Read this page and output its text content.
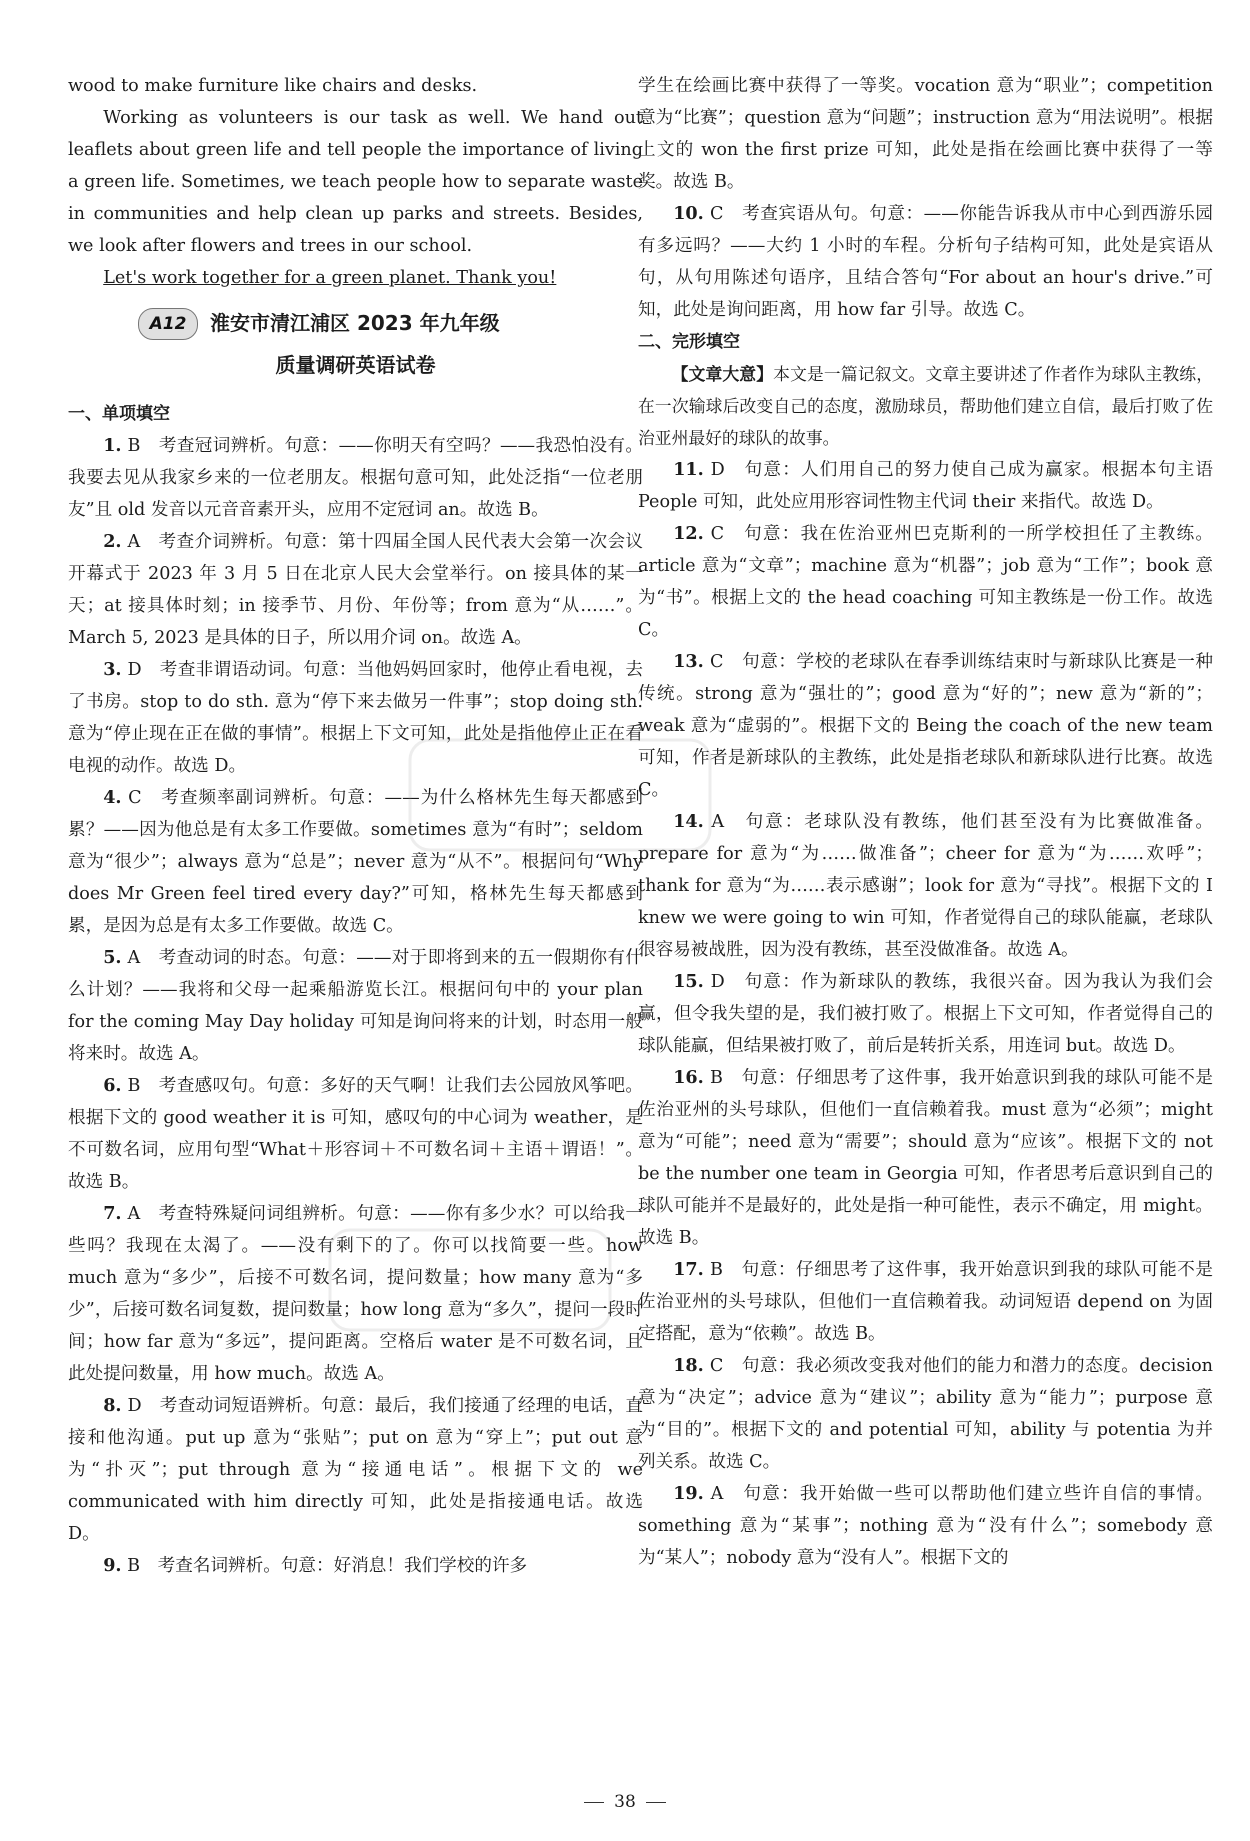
wood to make furniture like chairs and desks.

Working as volunteers is our task as well. We hand out leaflets about green life and tell people the importance of living a green life. Sometimes, we teach people how to separate waste in communities and help clean up parks and streets. Besides, we look after flowers and trees in our school.

Let's work together for a green planet. Thank you!

A12	淮安市清江浦区 2023 年九年级
质量调研英语试卷

一、单项填空

1. B　考查冠词辨析。句意：——你明天有空吗？——我恐怕没有。我要去见从我家乡来的一位老朋友。根据句意可知，此处泛指“一位老朋友”且 old 发音以元音音素开头，应用不定冠词 an。故选 B。

2. A　考查介词辨析。句意：第十四届全国人民代表大会第一次会议开幕式于 2023 年 3 月 5 日在北京人民大会堂举行。on 接具体的某一天；at 接具体时刻；in 接季节、月份、年份等；from 意为“从……”。March 5, 2023 是具体的日子，所以用介词 on。故选 A。

3. D　考查非谓语动词。句意：当他妈妈回家时，他停止看电视，去了书房。stop to do sth. 意为“停下来去做另一件事”；stop doing sth. 意为“停止现在正在做的事情”。根据上下文可知，此处是指他停止正在看电视的动作。故选 D。

4. C　考查频率副词辨析。句意：——为什么格林先生每天都感到累？——因为他总是有太多工作要做。sometimes 意为“有时”；seldom 意为“很少”；always 意为“总是”；never 意为“从不”。根据问句“Why does Mr Green feel tired every day?”可知，格林先生每天都感到累，是因为总是有太多工作要做。故选 C。

5. A　考查动词的时态。句意：——对于即将到来的五一假期你有什么计划？——我将和父母一起乘船游览长江。根据问句中的 your plan for the coming May Day holiday 可知是询问将来的计划，时态用一般将来时。故选 A。

6. B　考查感叹句。句意：多好的天气啊！让我们去公园放风筝吧。根据下文的 good weather it is 可知，感叹句的中心词为 weather，是不可数名词，应用句型“What＋形容词＋不可数名词＋主语＋谓语！”。故选 B。

7. A　考查特殊疑问词组辨析。句意：——你有多少水？可以给我一些吗？我现在太渴了。——没有剩下的了。你可以找简要一些。how much 意为“多少”，后接不可数名词，提问数量；how many 意为“多少”，后接可数名词复数，提问数量；how long 意为“多久”，提问一段时间；how far 意为“多远”，提问距离。空格后 water 是不可数名词，且此处提问数量，用 how much。故选 A。

8. D　考查动词短语辨析。句意：最后，我们接通了经理的电话，直接和他沟通。put up 意为“张贴”；put on 意为“穿上”；put out 意为“扑灭”；put through 意为“接通电话”。根据下文的 we communicated with him directly 可知，此处是指接通电话。故选 D。

9. B　考查名词辨析。句意：好消息！我们学校的许多

学生在绘画比赛中获得了一等奖。vocation 意为“职业”；competition 意为“比赛”；question 意为“问题”；instruction 意为“用法说明”。根据上文的 won the first prize 可知，此处是指在绘画比赛中获得了一等奖。故选 B。

10. C　考查宾语从句。句意：——你能告诉我从市中心到西游乐园有多远吗？——大约 1 小时的车程。分析句子结构可知，此处是宾语从句，从句用陈述句语序，且结合答句“For about an hour's drive.”可知，此处是询问距离，用 how far 引导。故选 C。

二、完形填空

【文章大意】本文是一篇记叙文。文章主要讲述了作者作为球队主教练，在一次输球后改变自己的态度，激励球员，帮助他们建立自信，最后打败了佐治亚州最好的球队的故事。

11. D　句意：人们用自己的努力使自己成为赢家。根据本句主语 People 可知，此处应用形容词性物主代词 their 来指代。故选 D。

12. C　句意：我在佐治亚州巴克斯利的一所学校担任了主教练。article 意为“文章”；machine 意为“机器”；job 意为“工作”；book 意为“书”。根据上文的 the head coaching 可知主教练是一份工作。故选 C。

13. C　句意：学校的老球队在春季训练结束时与新球队比赛是一种传统。strong 意为“强壮的”；good 意为“好的”；new 意为“新的”；weak 意为“虚弱的”。根据下文的 Being the coach of the new team 可知，作者是新球队的主教练，此处是指老球队和新球队进行比赛。故选 C。

14. A　句意：老球队没有教练，他们甚至没有为比赛做准备。prepare for 意为“为……做准备”；cheer for 意为“为……欢呼”；thank for 意为“为……表示感谢”；look for 意为“寻找”。根据下文的 I knew we were going to win 可知，作者觉得自己的球队能赢，老球队很容易被战胜，因为没有教练，甚至没做准备。故选 A。

15. D　句意：作为新球队的教练，我很兴奋。因为我认为我们会赢，但令我失望的是，我们被打败了。根据上下文可知，作者觉得自己的球队能赢，但结果被打败了，前后是转折关系，用连词 but。故选 D。

16. B　句意：仔细思考了这件事，我开始意识到我的球队可能不是佐治亚州的头号球队，但他们一直信赖着我。must 意为“必须”；might 意为“可能”；need 意为“需要”；should 意为“应该”。根据下文的 not be the number one team in Georgia 可知，作者思考后意识到自己的球队可能并不是最好的，此处是指一种可能性，表示不确定，用 might。故选 B。

17. B　句意：仔细思考了这件事，我开始意识到我的球队可能不是佐治亚州的头号球队，但他们一直信赖着我。动词短语 depend on 为固定搭配，意为“依赖”。故选 B。

18. C　句意：我必须改变我对他们的能力和潜力的态度。decision 意为“决定”；advice 意为“建议”；ability 意为“能力”；purpose 意为“目的”。根据下文的 and potential 可知，ability 与 potentia 为并列关系。故选 C。

19. A　句意：我开始做一些可以帮助他们建立些许自信的事情。something 意为“某事”；nothing 意为“没有什么”；somebody 意为“某人”；nobody 意为“没有人”。根据下文的

38
